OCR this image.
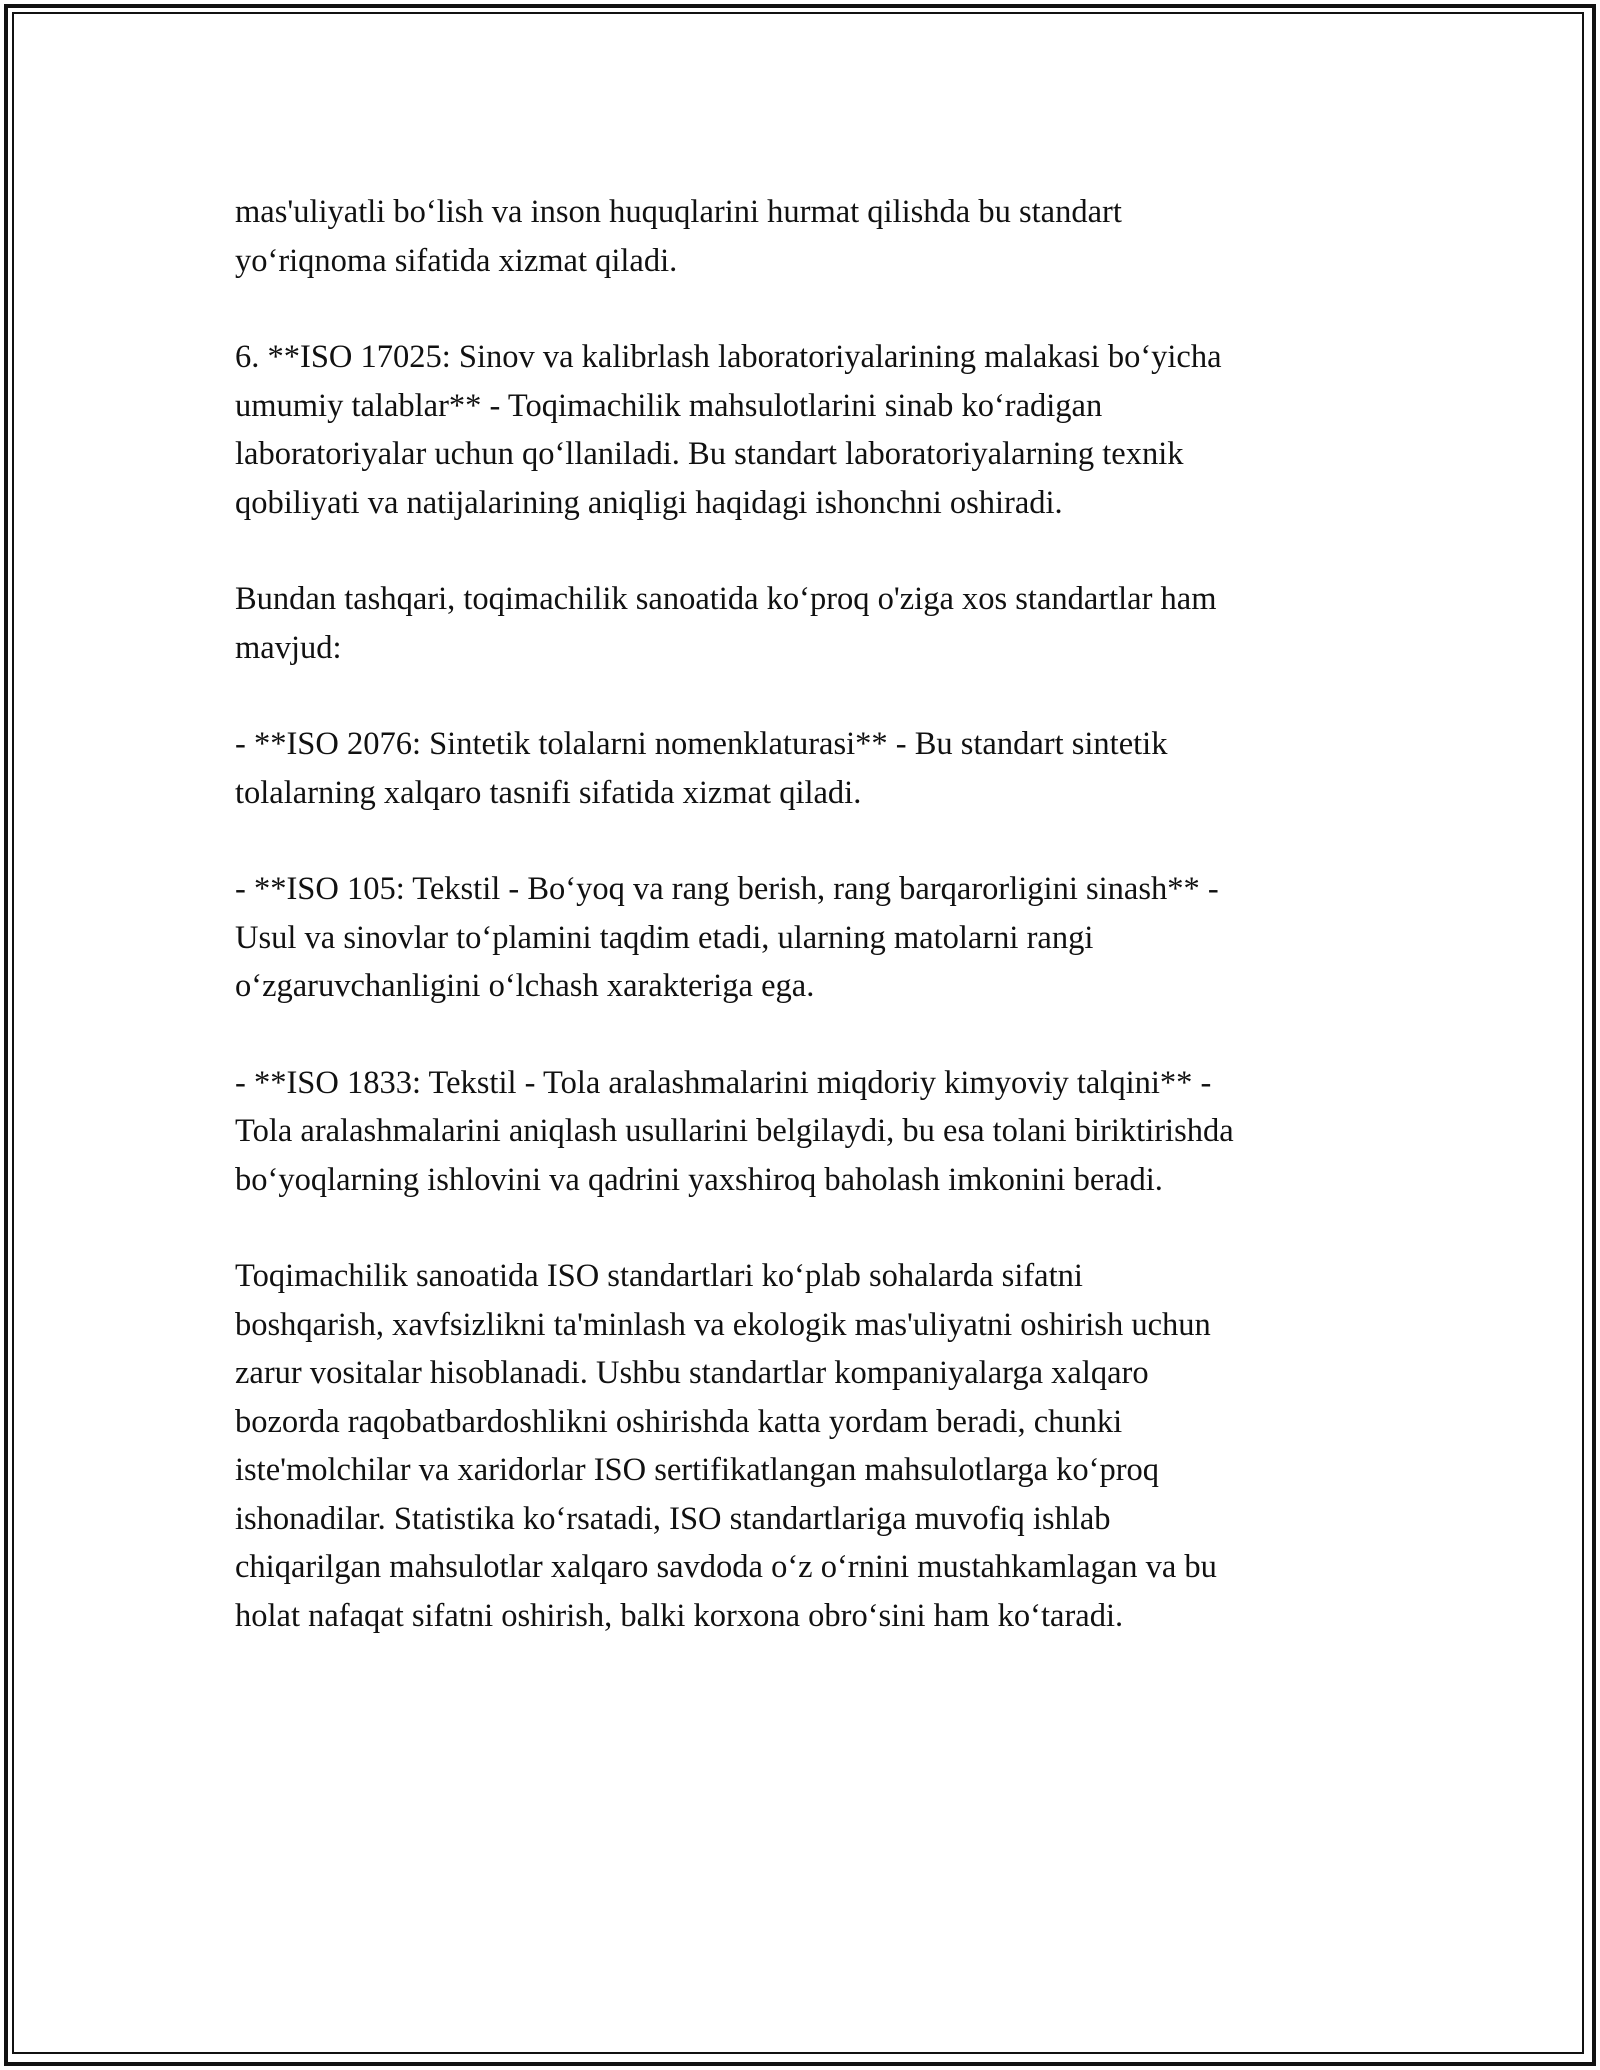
mas'uliyatli bo‘lish va inson huquqlarini hurmat qilishda bu standart
yo‘riqnoma sifatida xizmat qiladi.

6. **ISO 17025: Sinov va kalibrlash laboratoriyalarining malakasi bo‘yicha
umumiy talablar** - Toqimachilik mahsulotlarini sinab ko‘radigan
laboratoriyalar uchun qo‘llaniladi. Bu standart laboratoriyalarning texnik
qobiliyati va natijalarining aniqligi haqidagi ishonchni oshiradi.

Bundan tashqari, toqimachilik sanoatida ko‘proq o'ziga xos standartlar ham
mavjud:

- **ISO 2076: Sintetik tolalarni nomenklaturasi** - Bu standart sintetik
tolalarning xalqaro tasnifi sifatida xizmat qiladi.

- **ISO 105: Tekstil - Bo‘yoq va rang berish, rang barqarorligini sinash** -
Usul va sinovlar to‘plamini taqdim etadi, ularning matolarni rangi
o‘zgaruvchanligini o‘lchash xarakteriga ega.

- **ISO 1833: Tekstil - Tola aralashmalarini miqdoriy kimyoviy talqini** -
Tola aralashmalarini aniqlash usullarini belgilaydi, bu esa tolani biriktirishda
bo‘yoqlarning ishlovini va qadrini yaxshiroq baholash imkonini beradi.

Toqimachilik sanoatida ISO standartlari ko‘plab sohalarda sifatni
boshqarish, xavfsizlikni ta'minlash va ekologik mas'uliyatni oshirish uchun
zarur vositalar hisoblanadi. Ushbu standartlar kompaniyalarga xalqaro
bozorda raqobatbardoshlikni oshirishda katta yordam beradi, chunki
iste'molchilar va xaridorlar ISO sertifikatlangan mahsulotlarga ko‘proq
ishonadilar. Statistika ko‘rsatadi, ISO standartlariga muvofiq ishlab
chiqarilgan mahsulotlar xalqaro savdoda o‘z o‘rnini mustahkamlagan va bu
holat nafaqat sifatni oshirish, balki korxona obro‘sini ham ko‘taradi.
